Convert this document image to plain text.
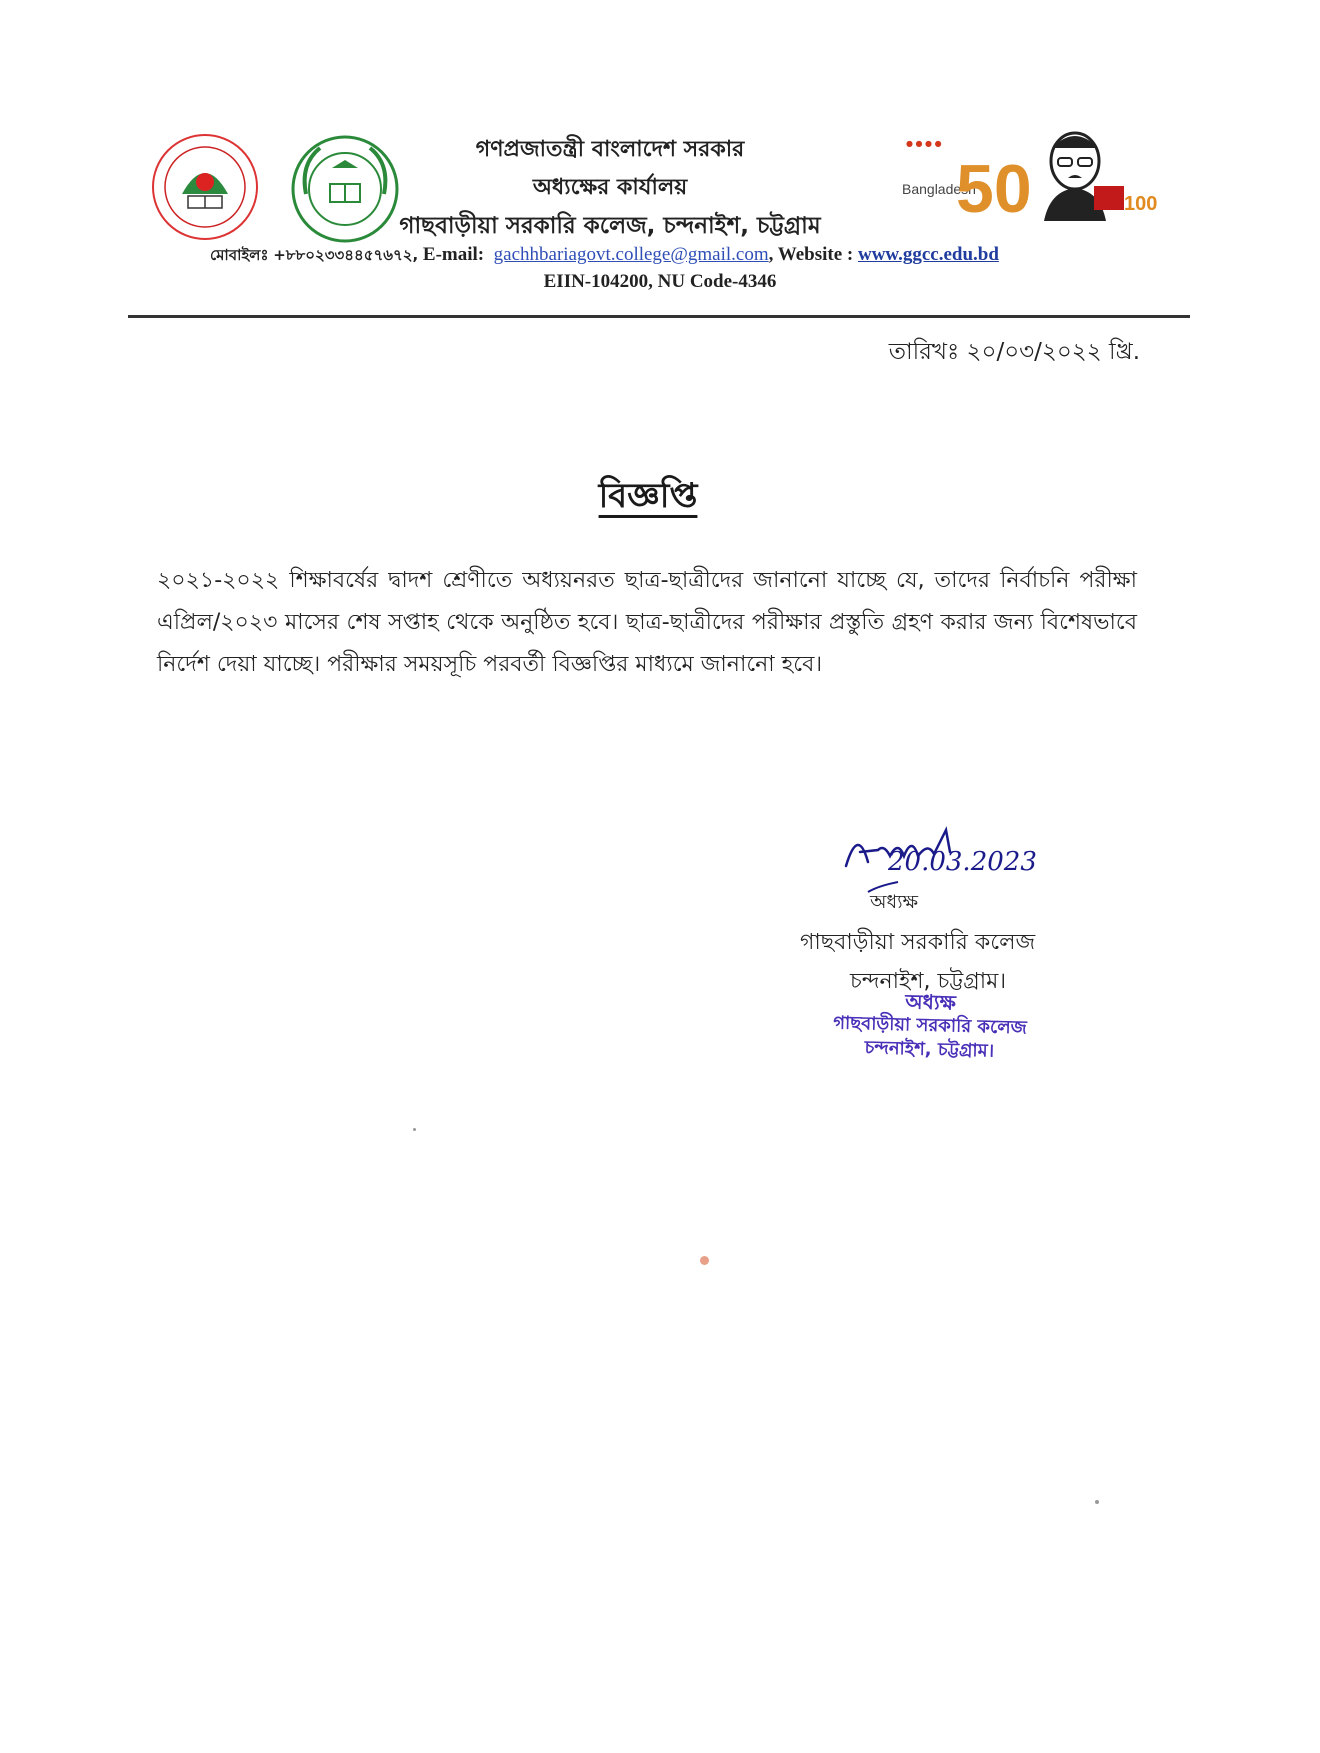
● ● ● ●
Bangladesh
50	100
গণপ্রজাতন্ত্রী বাংলাদেশ সরকার
অধ্যক্ষের কার্যালয়
গাছবাড়ীয়া সরকারি কলেজ, চন্দনাইশ, চট্টগ্রাম
মোবাইলঃ +৮৮০২৩৩৪৪৫৭৬৭২, E-mail: gachhbariagovt.college@gmail.com, Website : www.ggcc.edu.bd
EIIN-104200, NU Code-4346
তারিখঃ ২০/০৩/২০২২ খ্রি.
বিজ্ঞপ্তি
২০২১-২০২২ শিক্ষাবর্ষের দ্বাদশ শ্রেণীতে অধ্যয়নরত ছাত্র-ছাত্রীদের জানানো যাচ্ছে যে, তাদের নির্বাচনি পরীক্ষা এপ্রিল/২০২৩ মাসের শেষ সপ্তাহ থেকে অনুষ্ঠিত হবে। ছাত্র-ছাত্রীদের পরীক্ষার প্রস্তুতি গ্রহণ করার জন্য বিশেষভাবে নির্দেশ দেয়া যাচ্ছে। পরীক্ষার সময়সূচি পরবর্তী বিজ্ঞপ্তির মাধ্যমে জানানো হবে।
20.03.2023
অধ্যক্ষ
গাছবাড়ীয়া সরকারি কলেজ
চন্দনাইশ, চট্টগ্রাম।
অধ্যক্ষ
গাছবাড়ীয়া সরকারি কলেজ
চন্দনাইশ, চট্টগ্রাম।
